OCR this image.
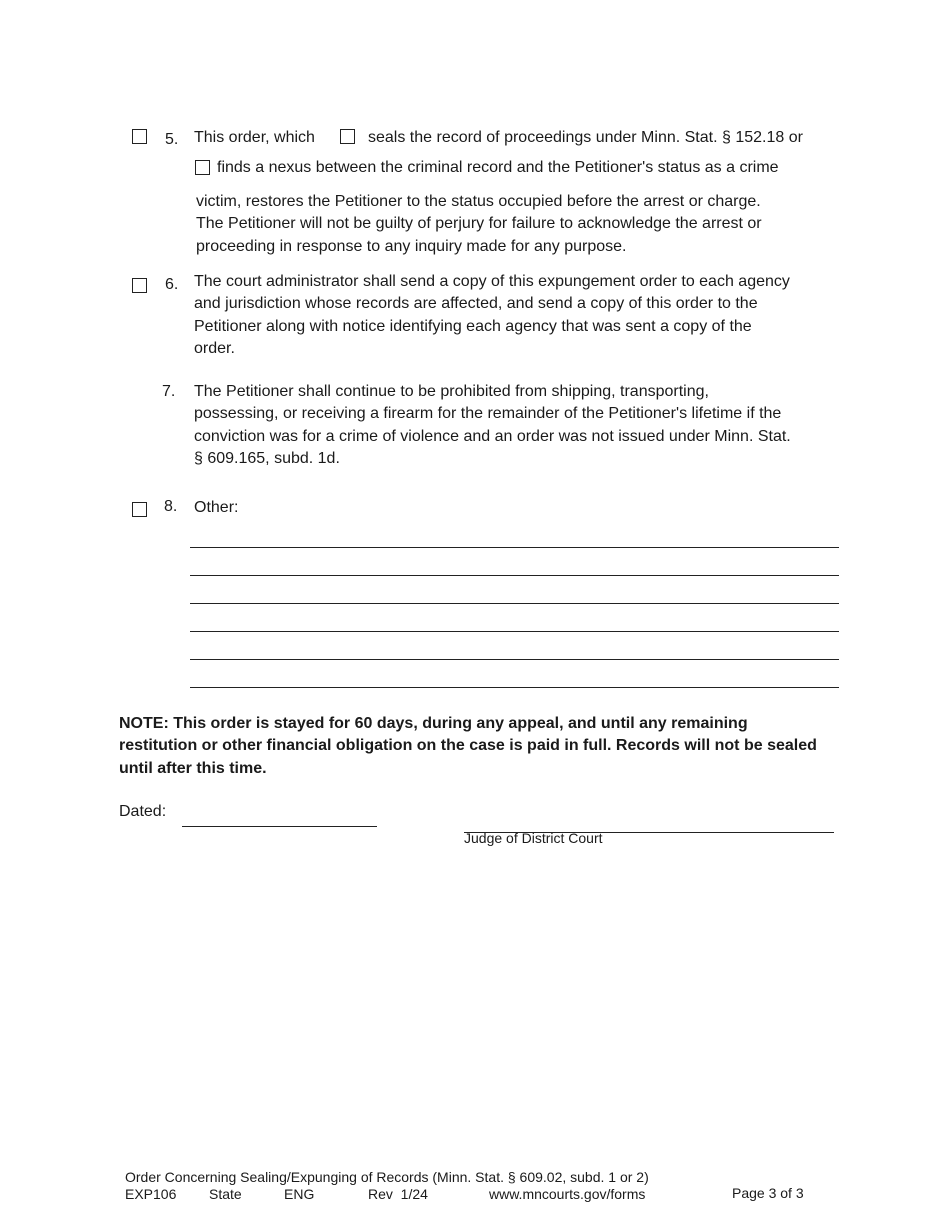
5. This order, which	seals the record of proceedings under Minn. Stat. § 152.18 or
finds a nexus between the criminal record and the Petitioner's status as a crime
victim, restores the Petitioner to the status occupied before the arrest or charge.
The Petitioner will not be guilty of perjury for failure to acknowledge the arrest or
proceeding in response to any inquiry made for any purpose.
6. The court administrator shall send a copy of this expungement order to each agency
and jurisdiction whose records are affected, and send a copy of this order to the
Petitioner along with notice identifying each agency that was sent a copy of the
order.
7. The Petitioner shall continue to be prohibited from shipping, transporting,
possessing, or receiving a firearm for the remainder of the Petitioner's lifetime if the
conviction was for a crime of violence and an order was not issued under Minn. Stat.
§ 609.165, subd. 1d.
8. Other:
NOTE: This order is stayed for 60 days, during any appeal, and until any remaining
restitution or other financial obligation on the case is paid in full. Records will not be sealed
until after this time.
Dated:
Judge of District Court
Order Concerning Sealing/Expunging of Records (Minn. Stat. § 609.02, subd. 1 or 2)
EXP106 State	ENG	Rev  1/24	www.mncourts.gov/forms	Page 3 of 3
